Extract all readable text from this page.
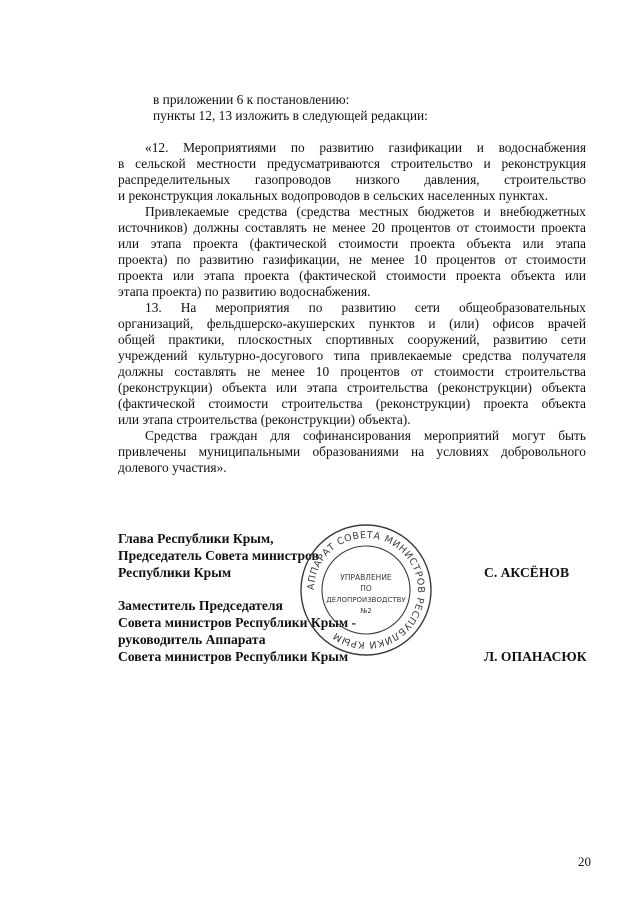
в приложении 6 к постановлению:
пункты 12, 13 изложить в следующей редакции:
«12. Мероприятиями по развитию газификации и водоснабжения
в сельской местности предусматриваются строительство и реконструкция
распределительных газопроводов низкого давления, строительство
и реконструкция локальных водопроводов в сельских населенных пунктах.
Привлекаемые средства (средства местных бюджетов и внебюджетных
источников) должны составлять не менее 20 процентов от стоимости проекта
или этапа проекта (фактической стоимости проекта объекта или этапа
проекта) по развитию газификации, не менее 10 процентов от стоимости
проекта или этапа проекта (фактической стоимости проекта объекта или
этапа проекта) по развитию водоснабжения.
13. На мероприятия по развитию сети общеобразовательных
организаций, фельдшерско-акушерских пунктов и (или) офисов врачей
общей практики, плоскостных спортивных сооружений, развитию сети
учреждений культурно-досугового типа привлекаемые средства получателя
должны составлять не менее 10 процентов от стоимости строительства
(реконструкции) объекта или этапа строительства (реконструкции) объекта
(фактической стоимости строительства (реконструкции) проекта объекта
или этапа строительства (реконструкции) объекта).
Средства граждан для софинансирования мероприятий могут быть
привлечены муниципальными образованиями на условиях добровольного
долевого участия».
Глава Республики Крым,
Председатель Совета министров
Республики Крым	С. АКСЁНОВ
Заместитель Председателя
Совета министров Республики Крым -
руководитель Аппарата
Совета министров Республики Крым	Л. ОПАНАСЮК
АППАРАТ СОВЕТА МИНИСТРОВ РЕСПУБЛИКИ КРЫМ
УПРАВЛЕНИЕ
ПО
ДЕЛОПРОИЗВОДСТВУ
№2
20
